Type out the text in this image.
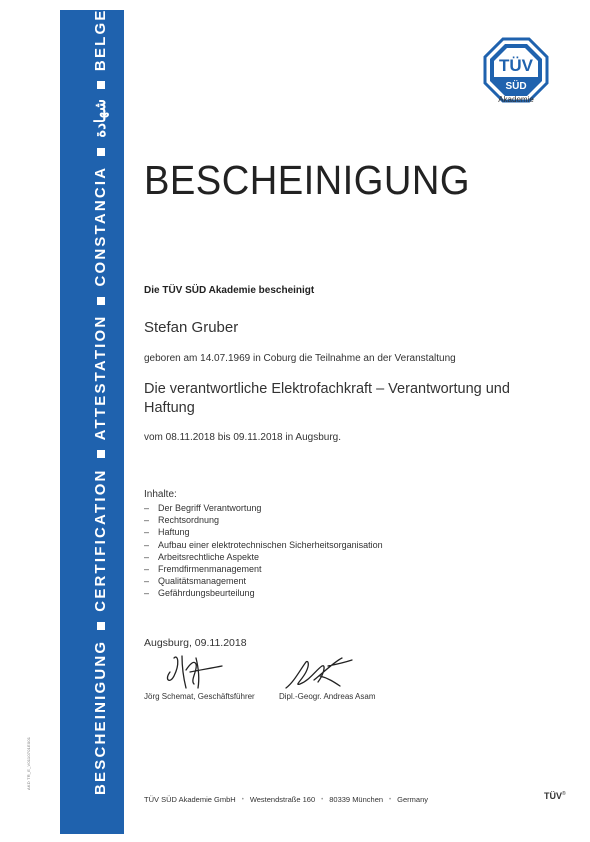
AKD TR_E_V0110701E001	BESCHEINIGUNG
CERTIFICATION
ATTESTATION
CONSTANCIA
شهادة
BELGE	TÜV
SÜD
Akademie
BESCHEINIGUNG
Die TÜV SÜD Akademie bescheinigt
Stefan Gruber
geboren am 14.07.1969 in Coburg die Teilnahme an der Veranstaltung
Die verantwortliche Elektrofachkraft – Verantwortung und Haftung
vom 08.11.2018 bis 09.11.2018 in Augsburg.
Inhalte:
– Der Begriff Verantwortung
– Rechtsordnung
– Haftung
– Aufbau einer elektrotechnischen Sicherheitsorganisation
– Arbeitsrechtliche Aspekte
– Fremdfirmenmanagement
– Qualitätsmanagement
– Gefährdungsbeurteilung
Augsburg, 09.11.2018
Jörg Schemat, Geschäftsführer	Dipl.-Geogr. Andreas Asam
TÜV SÜD Akademie GmbH • Westendstraße 160 • 80339 München • Germany	TÜV®
